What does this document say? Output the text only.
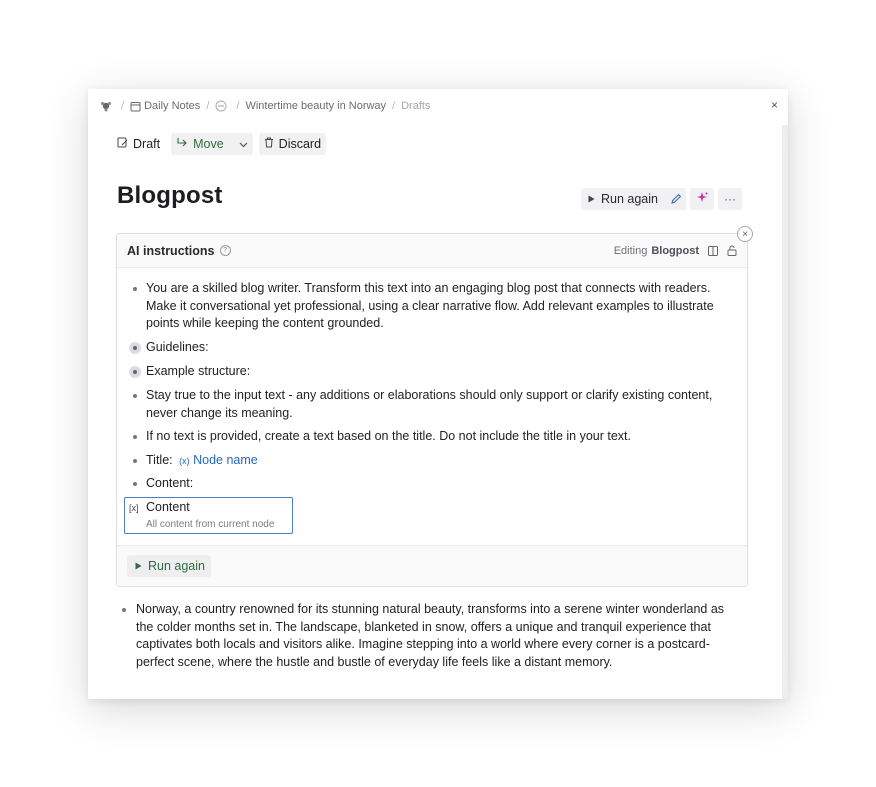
/ Daily Notes / / Wintertime beauty in Norway / Drafts	×
Draft	Move	Discard
Blogpost	Run again	···
×
AI instructions	?	Editing Blogpost
You are a skilled blog writer. Transform this text into an engaging blog post that connects with readers. Make it conversational yet professional, using a clear narrative flow. Add relevant examples to illustrate points while keeping the content grounded.
Guidelines:
Example structure:
Stay true to the input text - any additions or elaborations should only support or clarify existing content, never change its meaning.
If no text is provided, create a text based on the title. Do not include the title in your text.
Title: (x) Node name
Content:
[x] Content
All content from current node
Run again
Norway, a country renowned for its stunning natural beauty, transforms into a serene winter wonderland as the colder months set in. The landscape, blanketed in snow, offers a unique and tranquil experience that captivates both locals and visitors alike. Imagine stepping into a world where every corner is a postcard-perfect scene, where the hustle and bustle of everyday life feels like a distant memory.
